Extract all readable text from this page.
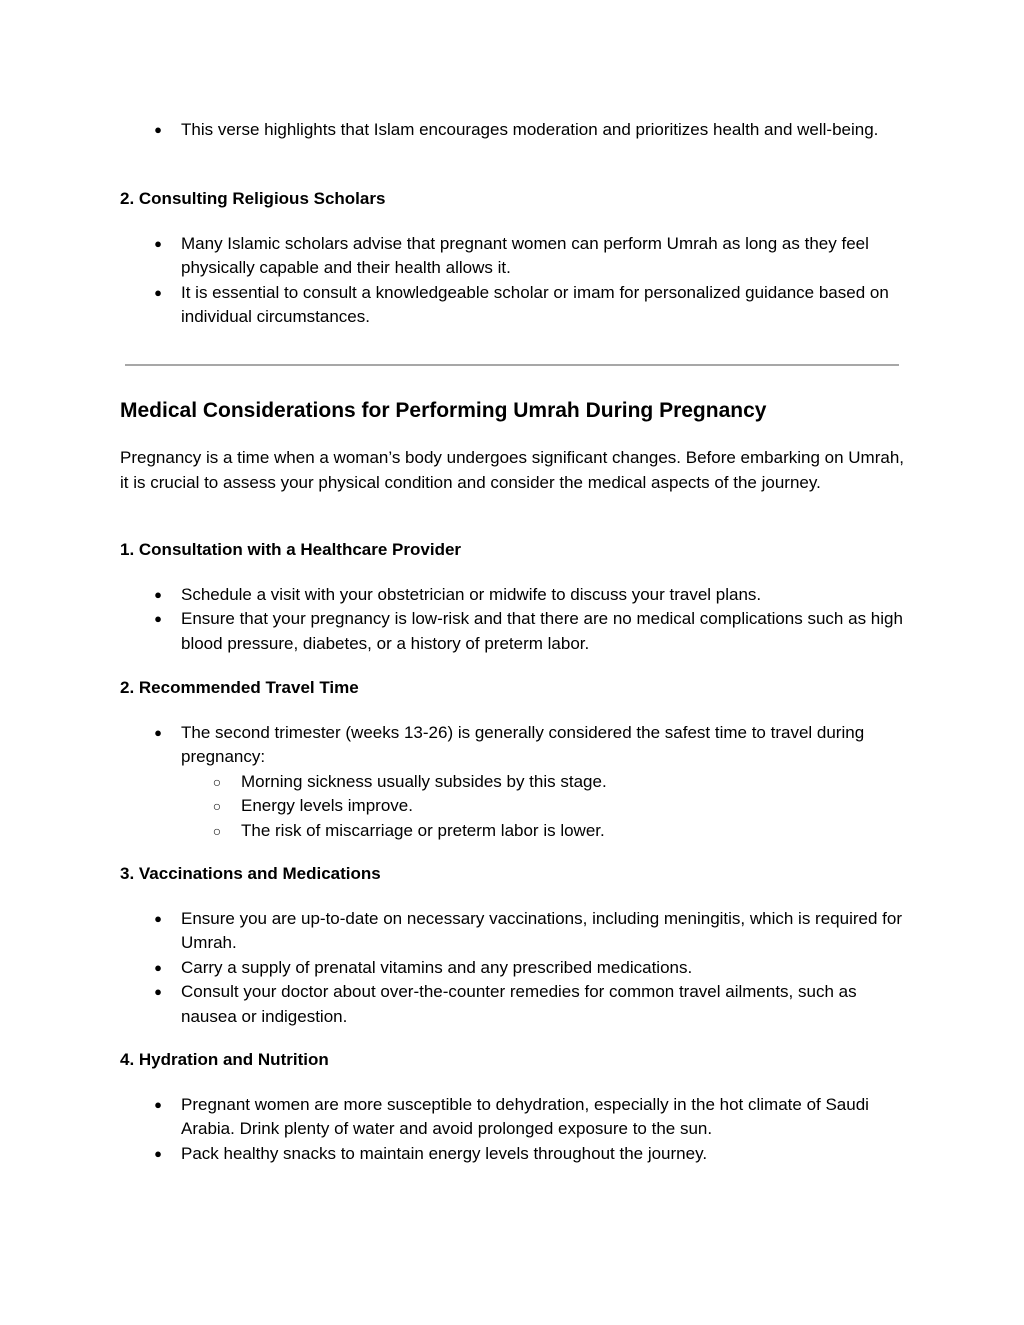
● This verse highlights that Islam encourages moderation and prioritizes health and well-being.

2. Consulting Religious Scholars

● Many Islamic scholars advise that pregnant women can perform Umrah as long as they feel physically capable and their health allows it.
● It is essential to consult a knowledgeable scholar or imam for personalized guidance based on individual circumstances.

Medical Considerations for Performing Umrah During Pregnancy

Pregnancy is a time when a woman’s body undergoes significant changes. Before embarking on Umrah, it is crucial to assess your physical condition and consider the medical aspects of the journey.

1. Consultation with a Healthcare Provider

● Schedule a visit with your obstetrician or midwife to discuss your travel plans.
● Ensure that your pregnancy is low-risk and that there are no medical complications such as high blood pressure, diabetes, or a history of preterm labor.

2. Recommended Travel Time

● The second trimester (weeks 13-26) is generally considered the safest time to travel during pregnancy:
○ Morning sickness usually subsides by this stage.
○ Energy levels improve.
○ The risk of miscarriage or preterm labor is lower.

3. Vaccinations and Medications

● Ensure you are up-to-date on necessary vaccinations, including meningitis, which is required for Umrah.
● Carry a supply of prenatal vitamins and any prescribed medications.
● Consult your doctor about over-the-counter remedies for common travel ailments, such as nausea or indigestion.

4. Hydration and Nutrition

● Pregnant women are more susceptible to dehydration, especially in the hot climate of Saudi Arabia. Drink plenty of water and avoid prolonged exposure to the sun.
● Pack healthy snacks to maintain energy levels throughout the journey.
